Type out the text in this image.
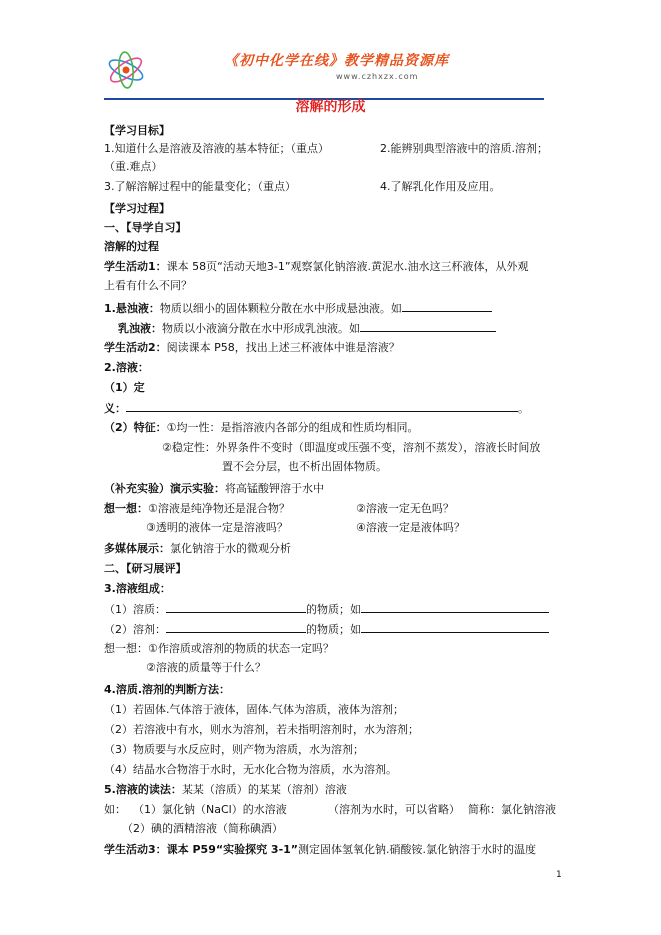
《初中化学在线》教学精品资源库
www.czhxzx.com
溶解的形成
【学习目标】
1.知道什么是溶液及溶液的基本特征；（重点）	2.能辨别典型溶液中的溶质.溶剂；
（重.难点）
3.了解溶解过程中的能量变化；（重点）	4.了解乳化作用及应用。
【学习过程】
一、【导学自习】
溶解的过程
学生活动1：课本 58页“活动天地3-1”观察氯化钠溶液.黄泥水.油水这三杯液体，从外观
上看有什么不同？
1.悬浊液：物质以细小的固体颗粒分散在水中形成悬浊液。如
乳浊液：物质以小液滴分散在水中形成乳浊液。如
学生活动2：阅读课本 P58，找出上述三杯液体中谁是溶液？
2.溶液：
（1）定
义：	。
（2）特征：①均一性：是指溶液内各部分的组成和性质均相同。
②稳定性：外界条件不变时（即温度或压强不变，溶剂不蒸发），溶液长时间放
置不会分层，也不析出固体物质。
（补充实验）演示实验：将高锰酸钾溶于水中
想一想：①溶液是纯净物还是混合物？	②溶液一定无色吗？
③透明的液体一定是溶液吗？	④溶液一定是液体吗？
多媒体展示：氯化钠溶于水的微观分析
二、【研习展评】
3.溶液组成：
（1）溶质：	的物质；如
（2）溶剂：	的物质；如
想一想：①作溶质或溶剂的物质的状态一定吗？
②溶液的质量等于什么？
4.溶质.溶剂的判断方法：
（1）若固体.气体溶于液体，固体.气体为溶质，液体为溶剂；
（2）若溶液中有水，则水为溶剂，若未指明溶剂时，水为溶剂；
（3）物质要与水反应时，则产物为溶质，水为溶剂；
（4）结晶水合物溶于水时，无水化合物为溶质，水为溶剂。
5.溶液的读法：某某（溶质）的某某（溶剂）溶液
如： （1）氯化钠（NaCl）的水溶液	（溶剂为水时，可以省略） 简称：氯化钠溶液
（2）碘的酒精溶液（简称碘酒）
学生活动3：课本 P59“实验探究 3-1”测定固体氢氧化钠.硝酸铵.氯化钠溶于水时的温度
1
